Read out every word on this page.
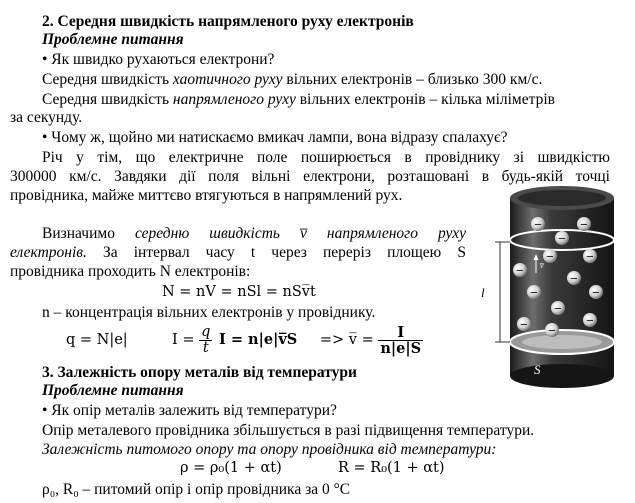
2. Середня швидкість напрямленого руху електронів
Проблемне питання
• Як швидко рухаються електрони?
Середня швидкість хаотичного руху вільних електронів – близько 300 км/с.
Середня швидкість напрямленого руху вільних електронів – кілька міліметрів
за секунду.
• Чому ж, щойно ми натискаємо вмикач лампи, вона відразу спалахує?
Річ у тім, що електричне поле поширюється в провіднику зі швидкістю
300000 км/с. Завдяки дії поля вільні електрони, розташовані в будь-якій точці
провідника, майже миттєво втягуються в напрямлений рух.
Визначимо середню швидкість v̅ напрямленого руху
електронів. За інтервал часу t через переріз площею S
провідника проходить N електронів:
N = nV = nSl = nSv̅t
n – концентрація вільних електронів у провіднику.
q = N|e|	$I = \frac{q}{t}$ I = n|e|v̅S => v̅ = $\frac{I}{n|e|S}$
3. Залежність опору металів від температури
Проблемне питання
• Як опір металів залежить від температури?
Опір металевого провідника збільшується в разі підвищення температури.
Залежність питомого опору та опору провідника від температури:
ρ = ρ₀(1 + αt)	R = R₀(1 + αt)
ρ₀, R₀ – питомий опір і опір провідника за 0 °C
l
S
v̅
−	−
−
−
−	−
−
−	−
−
−	−
−
